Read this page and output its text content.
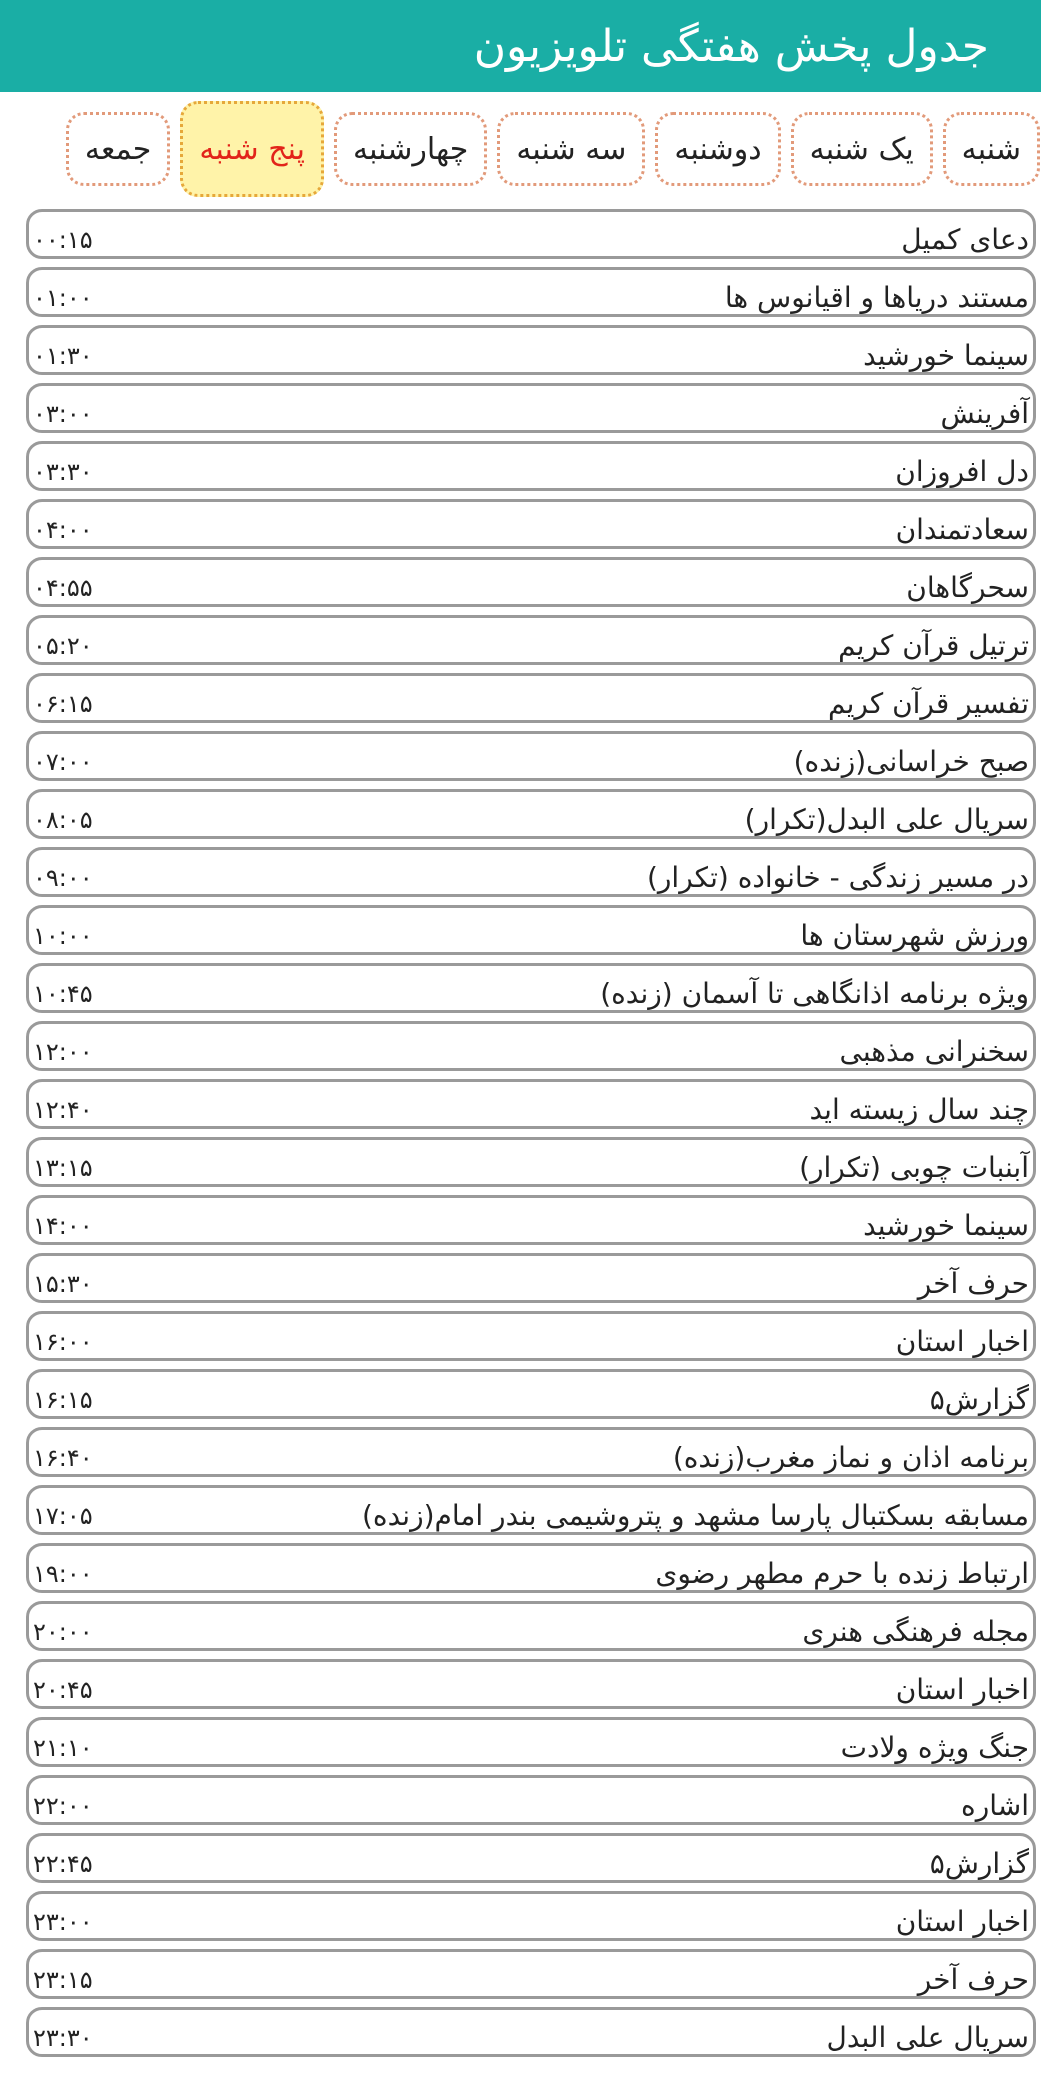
جدول پخش هفتگی تلویزیون
شنبه
یک شنبه
دوشنبه
سه شنبه
چهارشنبه
پنج شنبه
جمعه
دعای کمیل
۰۰:۱۵
مستند دریاها و اقیانوس ها
۰۱:۰۰
سینما خورشید
۰۱:۳۰
آفرینش
۰۳:۰۰
دل افروزان
۰۳:۳۰
سعادتمندان
۰۴:۰۰
سحرگاهان
۰۴:۵۵
ترتیل قرآن کریم
۰۵:۲۰
تفسیر قرآن کریم
۰۶:۱۵
صبح خراسانی(زنده)
۰۷:۰۰
سریال علی البدل(تکرار)
۰۸:۰۵
در مسیر زندگی - خانواده (تکرار)
۰۹:۰۰
ورزش شهرستان ها
۱۰:۰۰
ویژه برنامه اذانگاهی تا آسمان (زنده)
۱۰:۴۵
سخنرانی مذهبی
۱۲:۰۰
چند سال زیسته اید
۱۲:۴۰
آبنبات چوبی (تکرار)
۱۳:۱۵
سینما خورشید
۱۴:۰۰
حرف آخر
۱۵:۳۰
اخبار استان
۱۶:۰۰
گزارش۵
۱۶:۱۵
برنامه اذان و نماز مغرب(زنده)
۱۶:۴۰
مسابقه بسکتبال پارسا مشهد و پتروشیمی بندر امام(زنده)
۱۷:۰۵
ارتباط زنده با حرم مطهر رضوی
۱۹:۰۰
مجله فرهنگی هنری
۲۰:۰۰
اخبار استان
۲۰:۴۵
جنگ ویژه ولادت
۲۱:۱۰
اشاره
۲۲:۰۰
گزارش۵
۲۲:۴۵
اخبار استان
۲۳:۰۰
حرف آخر
۲۳:۱۵
سریال علی البدل
۲۳:۳۰
